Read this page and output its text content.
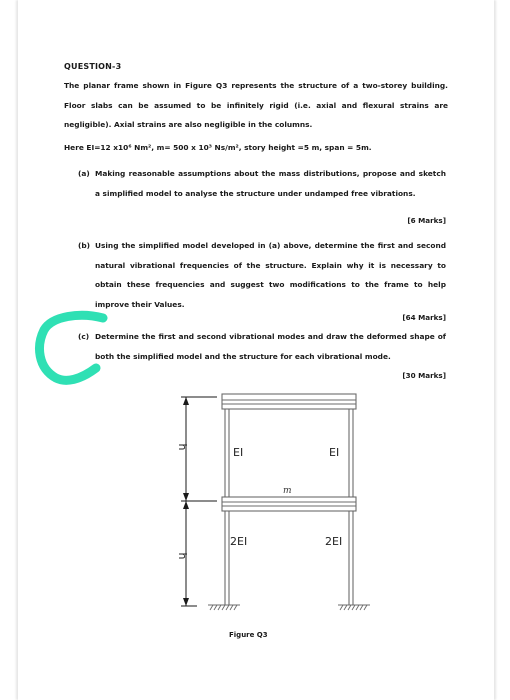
QUESTION-3
The planar frame shown in Figure Q3 represents the structure of a two-storey building. Floor slabs can be assumed to be infinitely rigid (i.e. axial and flexural strains are negligible). Axial strains are also negligible in the columns.
Here EI=12 x10⁶ Nm², m= 500 x 10³ Ns/m², story height =5 m, span = 5m.
(a) Making reasonable assumptions about the mass distributions, propose and sketch a simplified model to analyse the structure under undamped free vibrations.
[6 Marks]
(b) Using the simplified model developed in (a) above, determine the first and second natural vibrational frequencies of the structure. Explain why it is necessary to obtain these frequencies and suggest two modifications to the frame to help improve their Values.
[64 Marks]
(c) Determine the first and second vibrational modes and draw the deformed shape of both the simplified model and the structure for each vibrational mode.
[30 Marks]
h
h
EI	EI
2EI	2EI
m
Figure Q3
